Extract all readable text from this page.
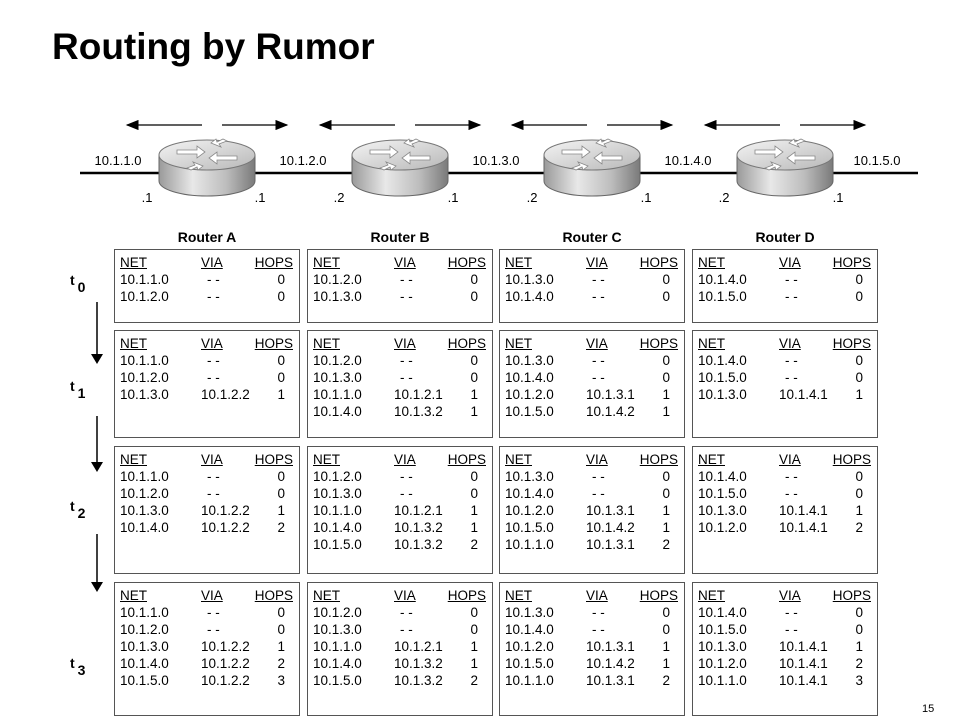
Routing by Rumor
10.1.1.0	10.1.2.0	10.1.3.0	10.1.4.0	10.1.5.0
.1	.1	.2	.1	.2	.1	.2	.1
15
Router A	Router B	Router C	Router D
NET	VIA HOPS
10.1.1.0	- -	0
10.1.2.0	- -	0
NET	VIA HOPS
10.1.1.0	- -	0
10.1.2.0	- -	0
10.1.3.0 10.1.2.2 1
NET	VIA HOPS
10.1.1.0	- -	0
10.1.2.0	- -	0
10.1.3.0 10.1.2.2 1
10.1.4.0 10.1.2.2 2
NET	VIA HOPS
10.1.1.0	- -	0
10.1.2.0	- -	0
10.1.3.0 10.1.2.2 1
10.1.4.0 10.1.2.2 2
10.1.5.0 10.1.2.2 3
NET	VIA HOPS
10.1.2.0	- -	0
10.1.3.0	- -	0
NET	VIA HOPS
10.1.2.0	- -	0
10.1.3.0	- -	0
10.1.1.0 10.1.2.1 1
10.1.4.0 10.1.3.2 1
NET	VIA HOPS
10.1.2.0	- -	0
10.1.3.0	- -	0
10.1.1.0 10.1.2.1 1
10.1.4.0 10.1.3.2 1
10.1.5.0 10.1.3.2 2
NET	VIA HOPS
10.1.2.0	- -	0
10.1.3.0	- -	0
10.1.1.0 10.1.2.1 1
10.1.4.0 10.1.3.2 1
10.1.5.0 10.1.3.2 2
NET	VIA HOPS
10.1.3.0	- -	0
10.1.4.0	- -	0
NET	VIA HOPS
10.1.3.0	- -	0
10.1.4.0	- -	0
10.1.2.0 10.1.3.1 1
10.1.5.0 10.1.4.2 1
NET	VIA HOPS
10.1.3.0	- -	0
10.1.4.0	- -	0
10.1.2.0 10.1.3.1 1
10.1.5.0 10.1.4.2 1
10.1.1.0 10.1.3.1 2
NET	VIA HOPS
10.1.3.0	- -	0
10.1.4.0	- -	0
10.1.2.0 10.1.3.1 1
10.1.5.0 10.1.4.2 1
10.1.1.0 10.1.3.1 2
NET	VIA HOPS
10.1.4.0	- -	0
10.1.5.0	- -	0
NET	VIA HOPS
10.1.4.0	- -	0
10.1.5.0	- -	0
10.1.3.0 10.1.4.1 1
NET	VIA HOPS
10.1.4.0	- -	0
10.1.5.0	- -	0
10.1.3.0 10.1.4.1 1
10.1.2.0 10.1.4.1 2
NET	VIA HOPS
10.1.4.0	- -	0
10.1.5.0	- -	0
10.1.3.0 10.1.4.1 1
10.1.2.0 10.1.4.1 2
10.1.1.0 10.1.4.1 3
t $_0$
t $_1$
t $_2$
t $_3$
